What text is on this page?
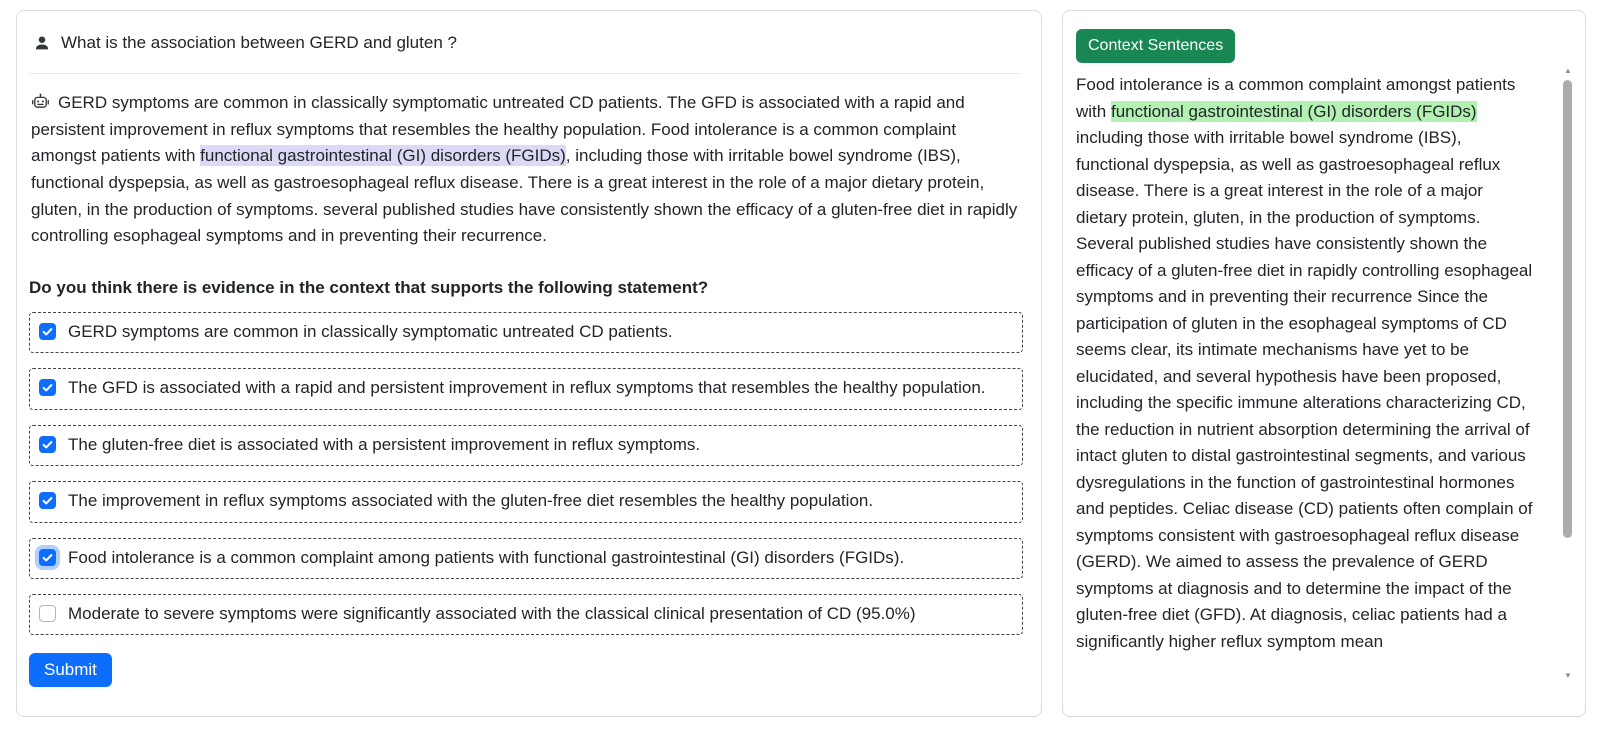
What is the association between GERD and gluten ?

GERD symptoms are common in classically symptomatic untreated CD patients. The GFD is associated with a rapid and persistent improvement in reflux symptoms that resembles the healthy population. Food intolerance is a common complaint amongst patients with functional gastrointestinal (GI) disorders (FGIDs), including those with irritable bowel syndrome (IBS), functional dyspepsia, as well as gastroesophageal reflux disease. There is a great interest in the role of a major dietary protein, gluten, in the production of symptoms. several published studies have consistently shown the efficacy of a gluten-free diet in rapidly controlling esophageal symptoms and in preventing their recurrence.

Do you think there is evidence in the context that supports the following statement?

GERD symptoms are common in classically symptomatic untreated CD patients.
The GFD is associated with a rapid and persistent improvement in reflux symptoms that resembles the healthy population.
The gluten-free diet is associated with a persistent improvement in reflux symptoms.
The improvement in reflux symptoms associated with the gluten-free diet resembles the healthy population.
Food intolerance is a common complaint among patients with functional gastrointestinal (GI) disorders (FGIDs).
Moderate to severe symptoms were significantly associated with the classical clinical presentation of CD (95.0%)
Submit
Context Sentences
Food intolerance is a common complaint amongst patients with functional gastrointestinal (GI) disorders (FGIDs) including those with irritable bowel syndrome (IBS), functional dyspepsia, as well as gastroesophageal reflux disease. There is a great interest in the role of a major dietary protein, gluten, in the production of symptoms. Several published studies have consistently shown the efficacy of a gluten-free diet in rapidly controlling esophageal symptoms and in preventing their recurrence Since the participation of gluten in the esophageal symptoms of CD seems clear, its intimate mechanisms have yet to be elucidated, and several hypothesis have been proposed, including the specific immune alterations characterizing CD, the reduction in nutrient absorption determining the arrival of intact gluten to distal gastrointestinal segments, and various dysregulations in the function of gastrointestinal hormones and peptides. Celiac disease (CD) patients often complain of symptoms consistent with gastroesophageal reflux disease (GERD). We aimed to assess the prevalence of GERD symptoms at diagnosis and to determine the impact of the gluten-free diet (GFD). At diagnosis, celiac patients had a significantly higher reflux symptom mean
▲
▼
